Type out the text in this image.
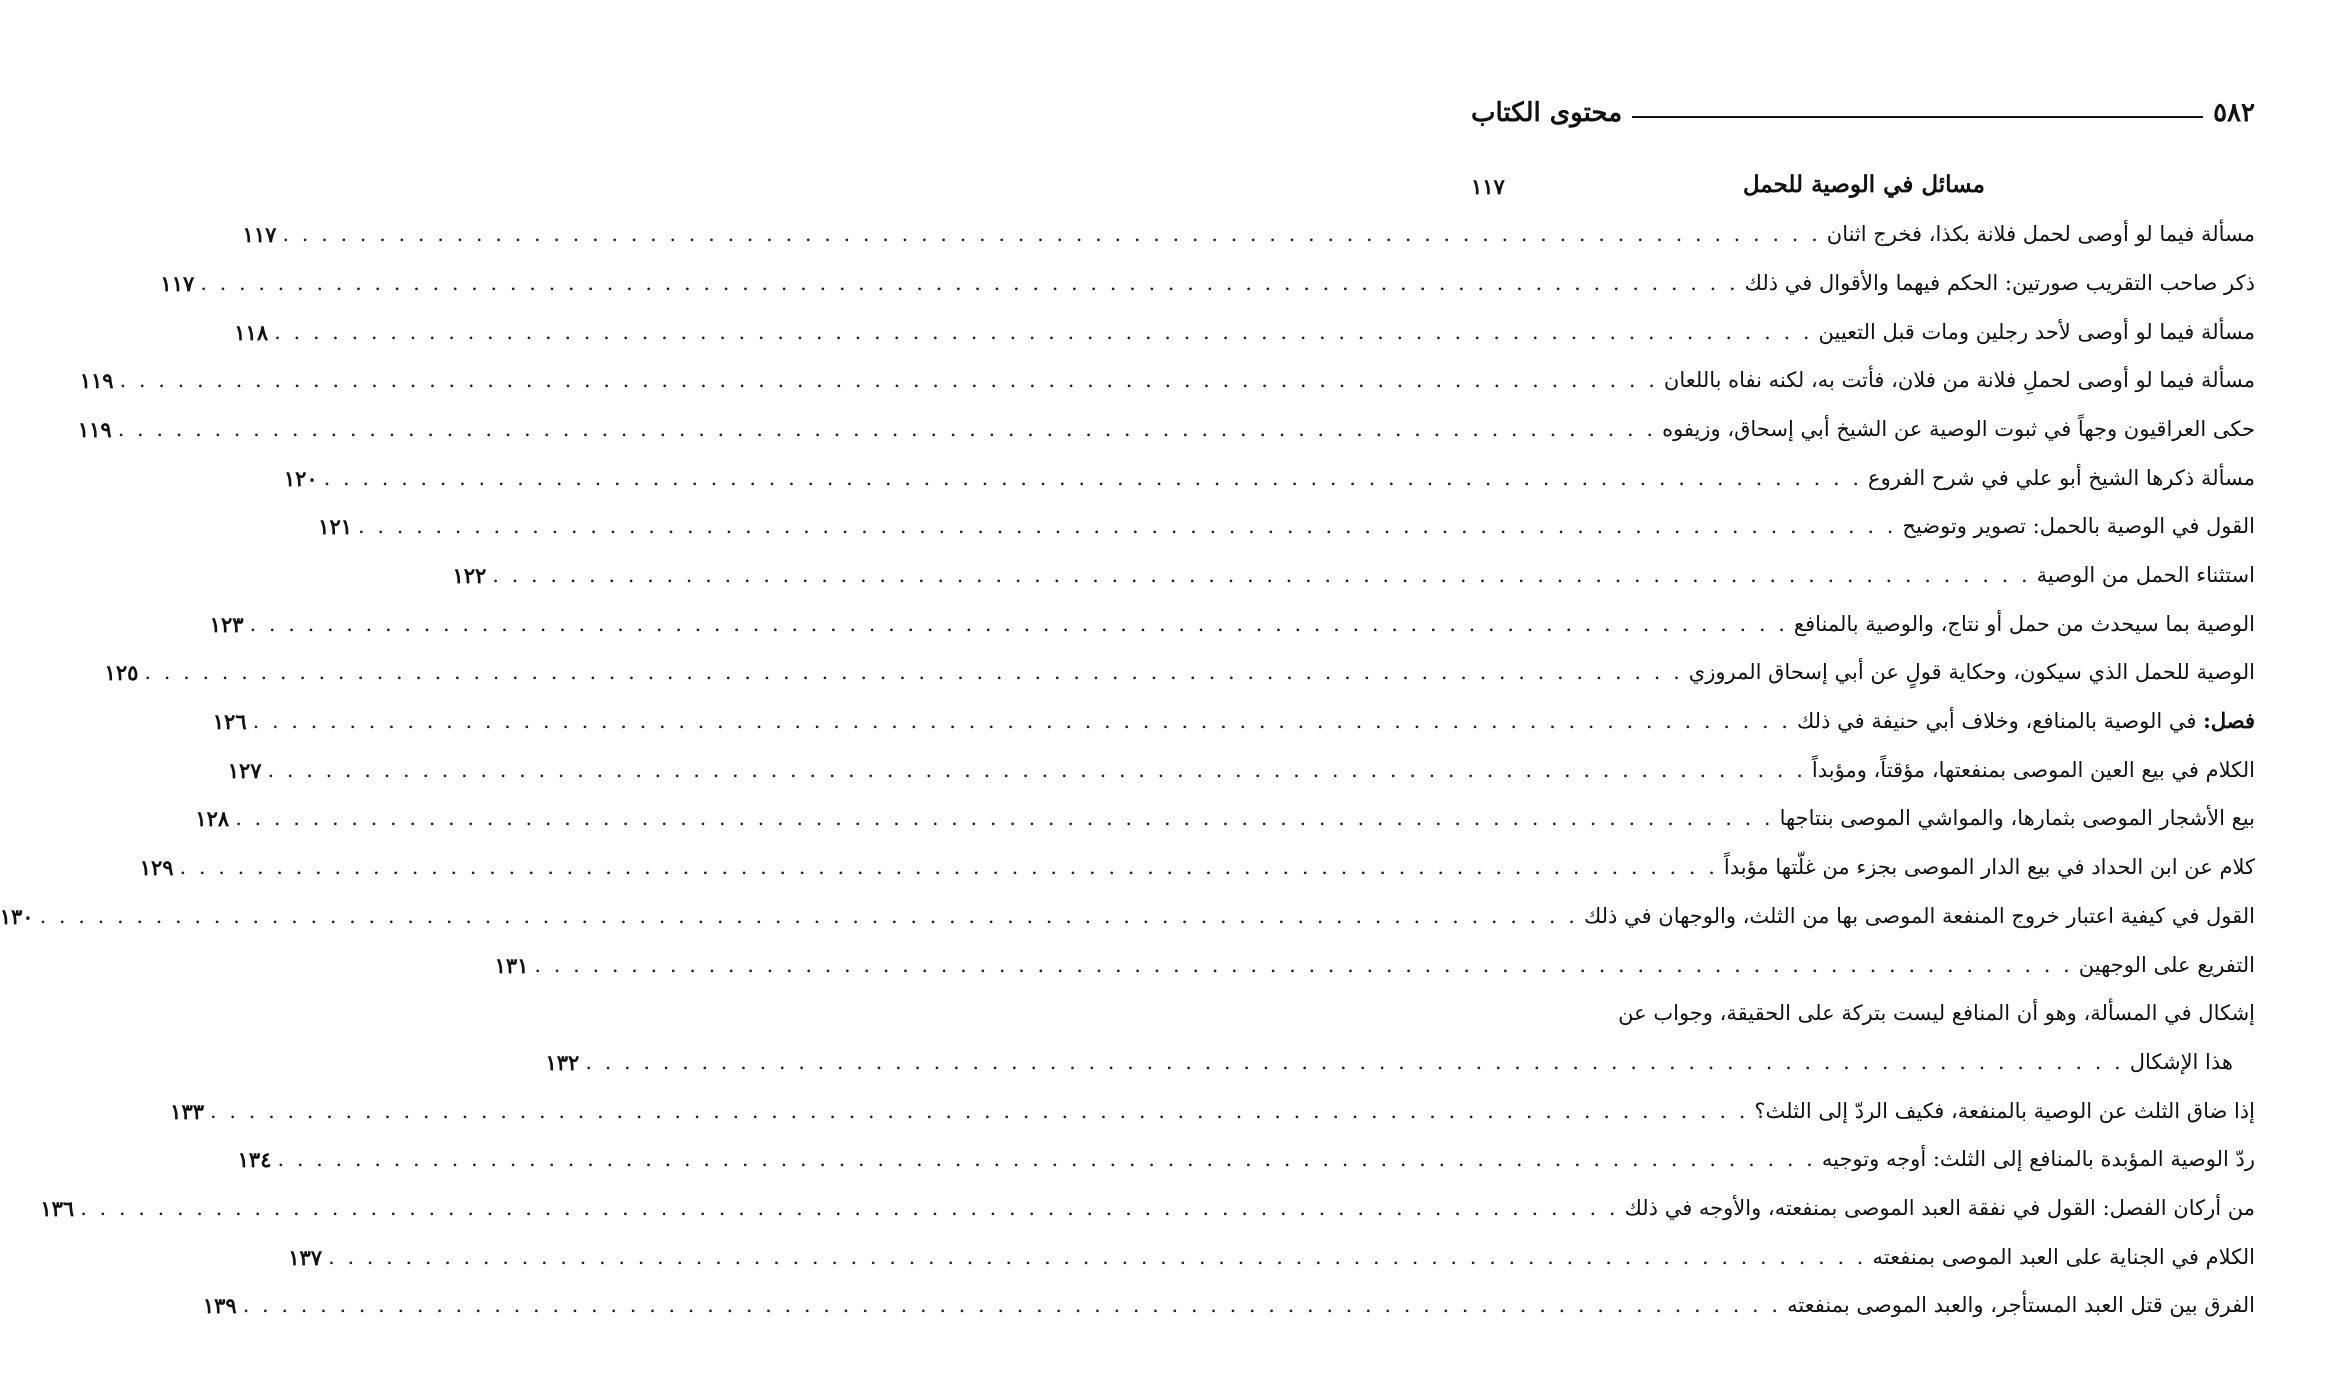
٥٨٢
محتوى الكتاب
مسائل في الوصية للحمل
١١٧
مسألة فيما لو أوصى لحمل فلانة بكذا، فخرج اثنان
. . . . . . . . . . . . . . . . . . . . . . . . . . . . . . . . . . . . . . . . . . . . . . . . . . . . . . . . . . . . . . . . . . . . . . . . . . . . . . . .
١١٧
ذكر صاحب التقريب صورتين: الحكم فيهما والأقوال في ذلك
. . . . . . . . . . . . . . . . . . . . . . . . . . . . . . . . . . . . . . . . . . . . . . . . . . . . . . . . . . . . . . . . . . . . . . . . . . . . . . . .
١١٧
مسألة فيما لو أوصى لأحد رجلين ومات قبل التعيين
. . . . . . . . . . . . . . . . . . . . . . . . . . . . . . . . . . . . . . . . . . . . . . . . . . . . . . . . . . . . . . . . . . . . . . . . . . . . . . . .
١١٨
مسألة فيما لو أوصى لحملِ فلانة من فلان، فأتت به، لكنه نفاه باللعان
. . . . . . . . . . . . . . . . . . . . . . . . . . . . . . . . . . . . . . . . . . . . . . . . . . . . . . . . . . . . . . . . . . . . . . . . . . . . . . . .
١١٩
حكى العراقيون وجهاً في ثبوت الوصية عن الشيخ أبي إسحاق، وزيفوه
. . . . . . . . . . . . . . . . . . . . . . . . . . . . . . . . . . . . . . . . . . . . . . . . . . . . . . . . . . . . . . . . . . . . . . . . . . . . . . . .
١١٩
مسألة ذكرها الشيخ أبو علي في شرح الفروع
. . . . . . . . . . . . . . . . . . . . . . . . . . . . . . . . . . . . . . . . . . . . . . . . . . . . . . . . . . . . . . . . . . . . . . . . . . . . . . . .
١٢٠
القول في الوصية بالحمل: تصوير وتوضيح
. . . . . . . . . . . . . . . . . . . . . . . . . . . . . . . . . . . . . . . . . . . . . . . . . . . . . . . . . . . . . . . . . . . . . . . . . . . . . . . .
١٢١
استثناء الحمل من الوصية
. . . . . . . . . . . . . . . . . . . . . . . . . . . . . . . . . . . . . . . . . . . . . . . . . . . . . . . . . . . . . . . . . . . . . . . . . . . . . . . .
١٢٢
الوصية بما سيحدث من حمل أو نتاج، والوصية بالمنافع
. . . . . . . . . . . . . . . . . . . . . . . . . . . . . . . . . . . . . . . . . . . . . . . . . . . . . . . . . . . . . . . . . . . . . . . . . . . . . . . .
١٢٣
الوصية للحمل الذي سيكون، وحكاية قولٍ عن أبي إسحاق المروزي
. . . . . . . . . . . . . . . . . . . . . . . . . . . . . . . . . . . . . . . . . . . . . . . . . . . . . . . . . . . . . . . . . . . . . . . . . . . . . . . .
١٢٥
فصل: في الوصية بالمنافع، وخلاف أبي حنيفة في ذلك
. . . . . . . . . . . . . . . . . . . . . . . . . . . . . . . . . . . . . . . . . . . . . . . . . . . . . . . . . . . . . . . . . . . . . . . . . . . . . . . .
١٢٦
الكلام في بيع العين الموصى بمنفعتها، مؤقتاً، ومؤبداً
. . . . . . . . . . . . . . . . . . . . . . . . . . . . . . . . . . . . . . . . . . . . . . . . . . . . . . . . . . . . . . . . . . . . . . . . . . . . . . . .
١٢٧
بيع الأشجار الموصى بثمارها، والمواشي الموصى بنتاجها
. . . . . . . . . . . . . . . . . . . . . . . . . . . . . . . . . . . . . . . . . . . . . . . . . . . . . . . . . . . . . . . . . . . . . . . . . . . . . . . .
١٢٨
كلام عن ابن الحداد في بيع الدار الموصى بجزء من غلّتها مؤبداً
. . . . . . . . . . . . . . . . . . . . . . . . . . . . . . . . . . . . . . . . . . . . . . . . . . . . . . . . . . . . . . . . . . . . . . . . . . . . . . . .
١٢٩
القول في كيفية اعتبار خروج المنفعة الموصى بها من الثلث، والوجهان في ذلك
. . . . . . . . . . . . . . . . . . . . . . . . . . . . . . . . . . . . . . . . . . . . . . . . . . . . . . . . . . . . . . . . . . . . . . . . . . . . . . . .
١٣٠
التفريع على الوجهين
. . . . . . . . . . . . . . . . . . . . . . . . . . . . . . . . . . . . . . . . . . . . . . . . . . . . . . . . . . . . . . . . . . . . . . . . . . . . . . . .
١٣١
إشكال في المسألة، وهو أن المنافع ليست بتركة على الحقيقة، وجواب عن
هذا الإشكال
. . . . . . . . . . . . . . . . . . . . . . . . . . . . . . . . . . . . . . . . . . . . . . . . . . . . . . . . . . . . . . . . . . . . . . . . . . . . . . . .
١٣٢
إذا ضاق الثلث عن الوصية بالمنفعة، فكيف الردّ إلى الثلث؟
. . . . . . . . . . . . . . . . . . . . . . . . . . . . . . . . . . . . . . . . . . . . . . . . . . . . . . . . . . . . . . . . . . . . . . . . . . . . . . . .
١٣٣
ردّ الوصية المؤبدة بالمنافع إلى الثلث: أوجه وتوجيه
. . . . . . . . . . . . . . . . . . . . . . . . . . . . . . . . . . . . . . . . . . . . . . . . . . . . . . . . . . . . . . . . . . . . . . . . . . . . . . . .
١٣٤
من أركان الفصل: القول في نفقة العبد الموصى بمنفعته، والأوجه في ذلك
. . . . . . . . . . . . . . . . . . . . . . . . . . . . . . . . . . . . . . . . . . . . . . . . . . . . . . . . . . . . . . . . . . . . . . . . . . . . . . . .
١٣٦
الكلام في الجناية على العبد الموصى بمنفعته
. . . . . . . . . . . . . . . . . . . . . . . . . . . . . . . . . . . . . . . . . . . . . . . . . . . . . . . . . . . . . . . . . . . . . . . . . . . . . . . .
١٣٧
الفرق بين قتل العبد المستأجر، والعبد الموصى بمنفعته
. . . . . . . . . . . . . . . . . . . . . . . . . . . . . . . . . . . . . . . . . . . . . . . . . . . . . . . . . . . . . . . . . . . . . . . . . . . . . . . .
١٣٩
